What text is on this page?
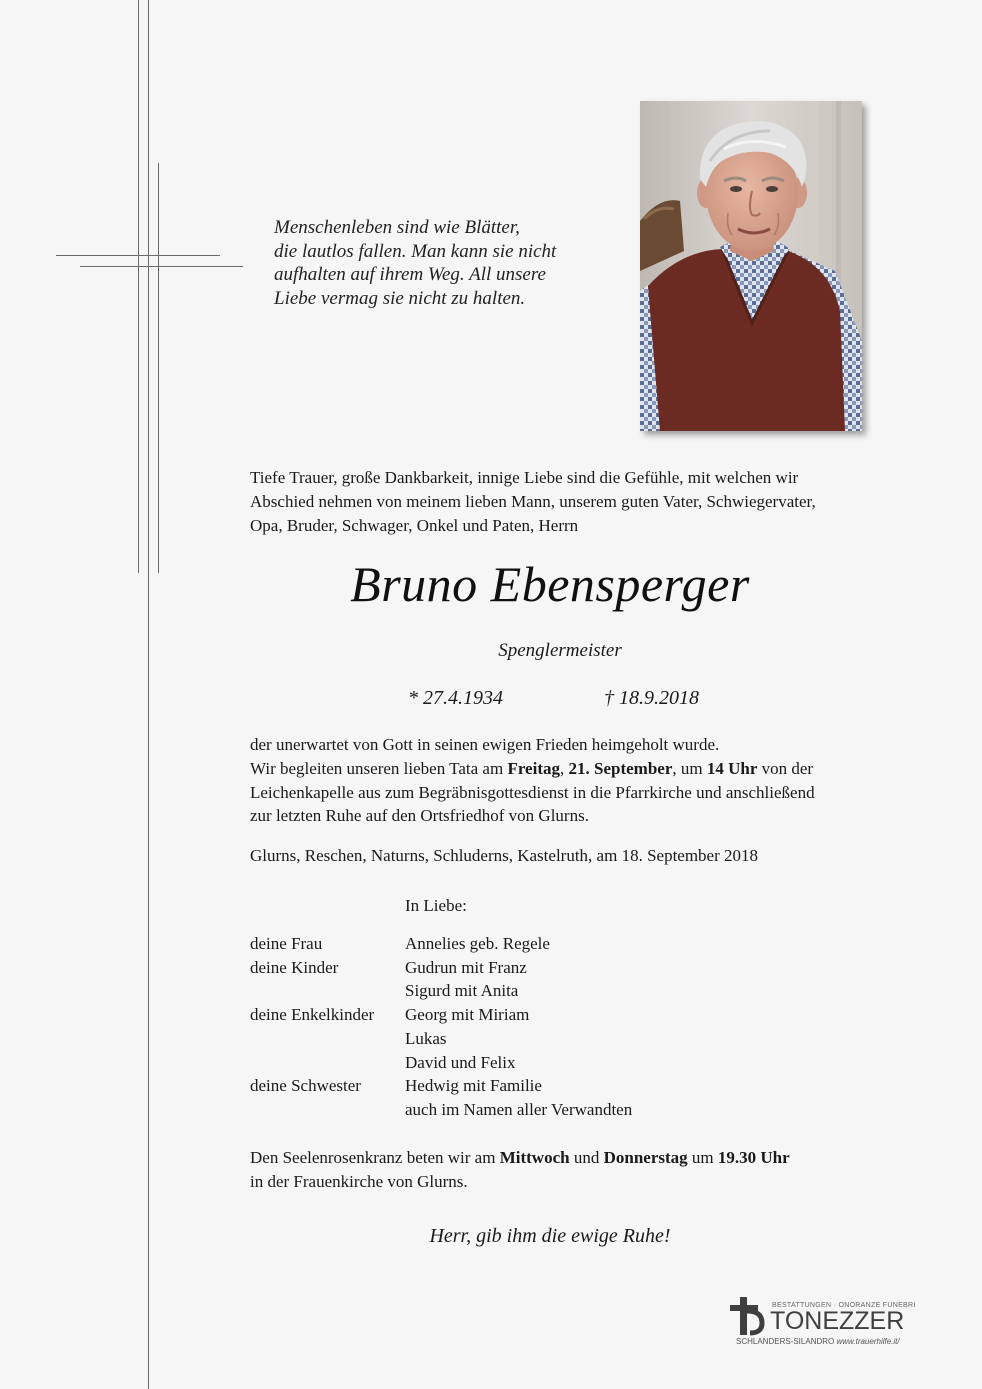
Menschenleben sind wie Blätter,

die lautlos fallen. Man kann sie nicht

aufhalten auf ihrem Weg. All unsere

Liebe vermag sie nicht zu halten.

Tiefe Trauer, große Dankbarkeit, innige Liebe sind die Gefühle, mit welchen wir

Abschied nehmen von meinem lieben Mann, unserem guten Vater, Schwiegervater,

Opa, Bruder, Schwager, Onkel und Paten, Herrn

Bruno Ebensperger
Spenglermeister
* 27.4.1934	† 18.9.2018

der unerwartet von Gott in seinen ewigen Frieden heimgeholt wurde.

Wir begleiten unseren lieben Tata am Freitag, 21. September, um 14 Uhr von der

Leichenkapelle aus zum Begräbnisgottesdienst in die Pfarrkirche und anschließend

zur letzten Ruhe auf den Ortsfriedhof von Glurns.

Glurns, Reschen, Naturns, Schluderns, Kastelruth, am 18. September 2018
In Liebe:
deine Frau	Annelies geb. Regele
deine Kinder	Gudrun mit Franz
Sigurd mit Anita
deine Enkelkinder	Georg mit Miriam
Lukas
David und Felix
deine Schwester	Hedwig mit Familie
auch im Namen aller Verwandten

Den Seelenrosenkranz beten wir am Mittwoch und Donnerstag um 19.30 Uhr

in der Frauenkirche von Glurns.

Herr, gib ihm die ewige Ruhe!
BESTATTUNGEN · ONORANZE FUNEBRI
TONEZZER
SCHLANDERS-SILANDRO www.trauerhilfe.it/
